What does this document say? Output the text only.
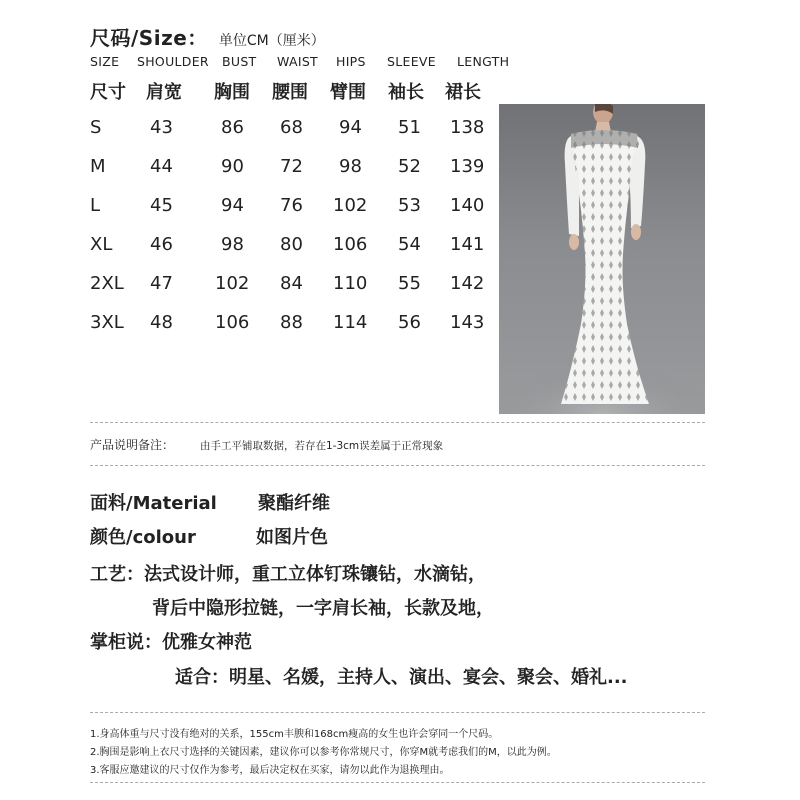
尺码/Size： 单位CM（厘米）
SIZE SHOULDER BUST WAIST HIPS SLEEVE LENGTH
尺寸 肩宽 胸围 腰围 臂围 袖长 裙长
S	43	86 68 94 51 138
M 44	90 72 98 52 139
L	45	94 76 102 53 140
XL 46	98 80 106 54 141
2XL 47 102 84 110 55 142
3XL 48 106 88 114 56 143
产品说明备注： 由手工平铺取数据，若存在1-3cm误差属于正常现象
面料/Material 聚酯纤维
颜色/colour	如图片色
工艺：法式设计师，重工立体钉珠镶钻，水滴钻，
背后中隐形拉链，一字肩长袖，长款及地，
掌柜说：优雅女神范
适合：明星、名媛，主持人、演出、宴会、聚会、婚礼...
1.身高体重与尺寸没有绝对的关系，155cm丰腴和168cm瘦高的女生也许会穿同一个尺码。
2.胸围是影响上衣尺寸选择的关键因素，建议你可以参考你常规尺寸，你穿M就考虑我们的M，以此为例。
3.客服应邀建议的尺寸仅作为参考，最后决定权在买家，请勿以此作为退换理由。
